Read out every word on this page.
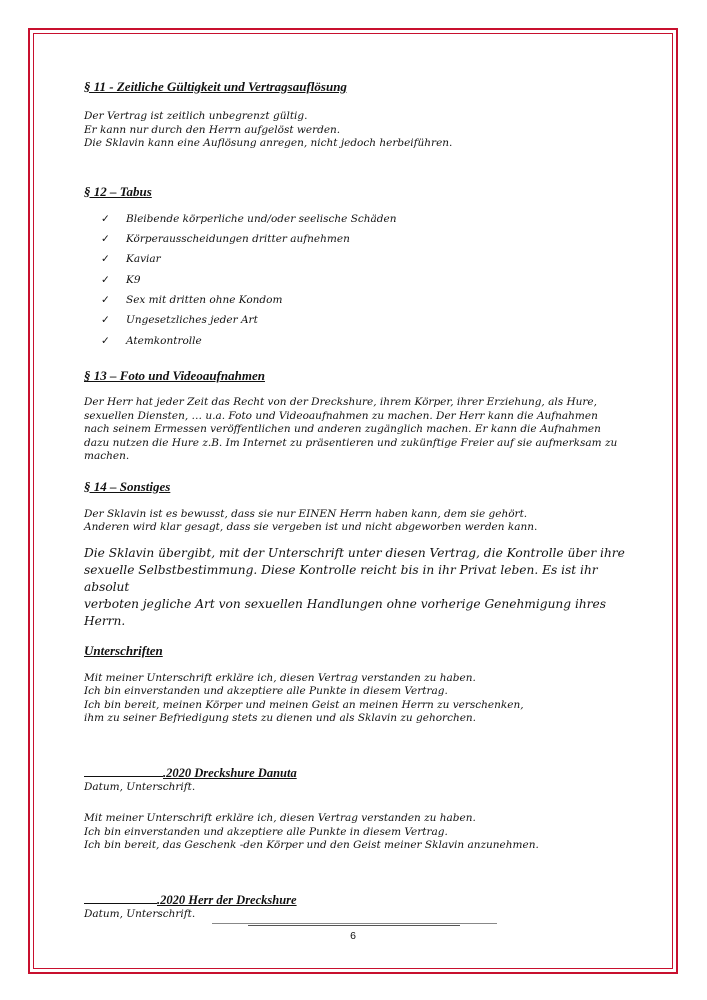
§ 11 - Zeitliche Gültigkeit und Vertragsauflösung
Der Vertrag ist zeitlich unbegrenzt gültig.
Er kann nur durch den Herrn aufgelöst werden.
Die Sklavin kann eine Auflösung anregen, nicht jedoch herbeiführen.
§ 12 – Tabus
✓ Bleibende körperliche und/oder seelische Schäden
✓ Körperausscheidungen dritter aufnehmen
✓ Kaviar
✓ K9
✓ Sex mit dritten ohne Kondom
✓ Ungesetzliches jeder Art
✓ Atemkontrolle
§ 13 – Foto und Videoaufnahmen
Der Herr hat jeder Zeit das Recht von der Dreckshure, ihrem Körper, ihrer Erziehung, als Hure,
sexuellen Diensten, … u.a. Foto und Videoaufnahmen zu machen. Der Herr kann die Aufnahmen
nach seinem Ermessen veröffentlichen und anderen zugänglich machen. Er kann die Aufnahmen
dazu nutzen die Hure z.B. Im Internet zu präsentieren und zukünftige Freier auf sie aufmerksam zu
machen.
§ 14 – Sonstiges
Der Sklavin ist es bewusst, dass sie nur EINEN Herrn haben kann, dem sie gehört.
Anderen wird klar gesagt, dass sie vergeben ist und nicht abgeworben werden kann.
Die Sklavin übergibt, mit der Unterschrift unter diesen Vertrag, die Kontrolle über ihre
sexuelle Selbstbestimmung. Diese Kontrolle reicht bis in ihr Privat leben. Es ist ihr absolut
verboten jegliche Art von sexuellen Handlungen ohne vorherige Genehmigung ihres Herrn.
Unterschriften
Mit meiner Unterschrift erkläre ich, diesen Vertrag verstanden zu haben.
Ich bin einverstanden und akzeptiere alle Punkte in diesem Vertrag.
Ich bin bereit, meinen Körper und meinen Geist an meinen Herrn zu verschenken,
ihm zu seiner Befriedigung stets zu dienen und als Sklavin zu gehorchen.
.2020 Dreckshure Danuta
Datum, Unterschrift.
Mit meiner Unterschrift erkläre ich, diesen Vertrag verstanden zu haben.
Ich bin einverstanden und akzeptiere alle Punkte in diesem Vertrag.
Ich bin bereit, das Geschenk -den Körper und den Geist meiner Sklavin anzunehmen.
.2020 Herr der Dreckshure
Datum, Unterschrift.
6
